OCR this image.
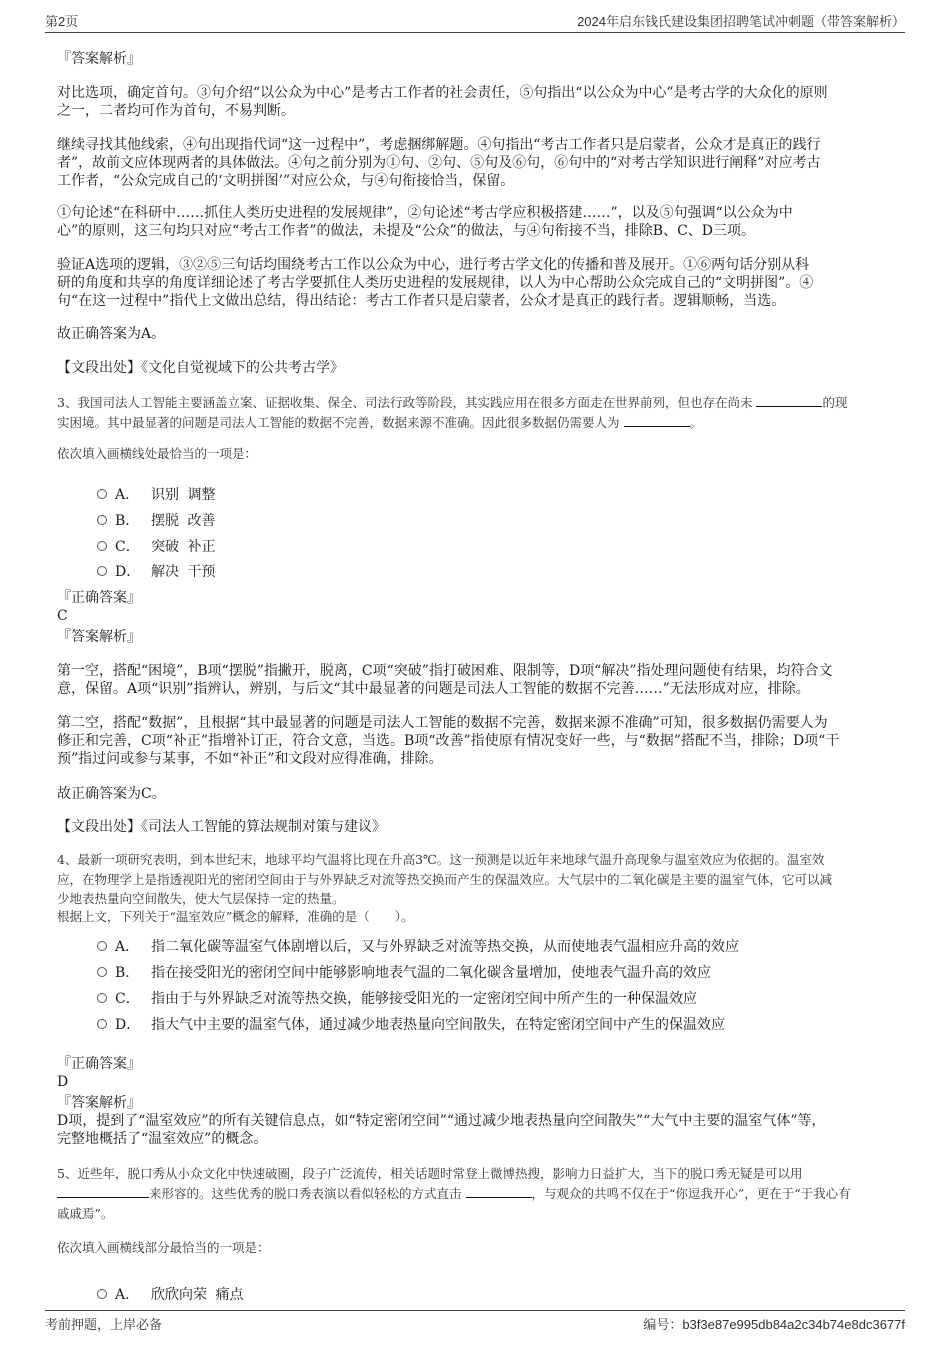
第2页	2024年启东钱氏建设集团招聘笔试冲刺题（带答案解析）
『答案解析』
对比选项，确定首句。③句介绍“以公众为中心”是考古工作者的社会责任，⑤句指出“以公众为中心”是考古学的大众化的原则
之一，二者均可作为首句，不易判断。
继续寻找其他线索，④句出现指代词“这一过程中”，考虑捆绑解题。④句指出“考古工作者只是启蒙者，公众才是真正的践行
者”，故前文应体现两者的具体做法。④句之前分别为①句、②句、⑤句及⑥句，⑥句中的“对考古学知识进行阐释”对应考古
工作者，“公众完成自己的‘文明拼图’”对应公众，与④句衔接恰当，保留。
①句论述“在科研中……抓住人类历史进程的发展规律”，②句论述“考古学应积极搭建……”，以及⑤句强调“以公众为中
心”的原则，这三句均只对应“考古工作者”的做法，未提及“公众”的做法，与④句衔接不当，排除B、C、D三项。
验证A选项的逻辑，③②⑤三句话均围绕考古工作以公众为中心，进行考古学文化的传播和普及展开。①⑥两句话分别从科
研的角度和共享的角度详细论述了考古学要抓住人类历史进程的发展规律，以人为中心帮助公众完成自己的“文明拼图”。④
句“在这一过程中”指代上文做出总结，得出结论：考古工作者只是启蒙者，公众才是真正的践行者。逻辑顺畅，当选。
故正确答案为A。
【文段出处】《文化自觉视域下的公共考古学》
3、我国司法人工智能主要涵盖立案、证据收集、保全、司法行政等阶段，其实践应用在很多方面走在世界前列，但也存在尚未	的现
实困境。其中最显著的问题是司法人工智能的数据不完善，数据来源不准确。因此很多数据仍需要人为	。
依次填入画横线处最恰当的一项是：
A． 识别 调整
B． 摆脱 改善
C． 突破 补正
D． 解决 干预
『正确答案』
C
『答案解析』
第一空，搭配“困境”，B项“摆脱”指撇开，脱离，C项“突破”指打破困难、限制等，D项“解决”指处理问题使有结果，均符合文
意，保留。A项“识别”指辨认，辨别，与后文“其中最显著的问题是司法人工智能的数据不完善……”无法形成对应，排除。
第二空，搭配“数据”，且根据“其中最显著的问题是司法人工智能的数据不完善，数据来源不准确”可知，很多数据仍需要人为
修正和完善，C项“补正”指增补订正，符合文意，当选。B项“改善”指使原有情况变好一些，与“数据”搭配不当，排除；D项“干
预”指过问或参与某事，不如“补正”和文段对应得准确，排除。
故正确答案为C。
【文段出处】《司法人工智能的算法规制对策与建议》
4、最新一项研究表明，到本世纪末，地球平均气温将比现在升高3℃。这一预测是以近年来地球气温升高现象与温室效应为依据的。温室效
应，在物理学上是指透视阳光的密闭空间由于与外界缺乏对流等热交换而产生的保温效应。大气层中的二氧化碳是主要的温室气体，它可以减
少地表热量向空间散失，使大气层保持一定的热量。
根据上文，下列关于“温室效应”概念的解释，准确的是（　　）。
A． 指二氧化碳等温室气体剧增以后，又与外界缺乏对流等热交换，从而使地表气温相应升高的效应
B． 指在接受阳光的密闭空间中能够影响地表气温的二氧化碳含量增加，使地表气温升高的效应
C． 指由于与外界缺乏对流等热交换，能够接受阳光的一定密闭空间中所产生的一种保温效应
D． 指大气中主要的温室气体，通过减少地表热量向空间散失，在特定密闭空间中产生的保温效应
『正确答案』
D
『答案解析』
D项，提到了“温室效应”的所有关键信息点，如“特定密闭空间”“通过减少地表热量向空间散失”“大气中主要的温室气体”等，
完整地概括了“温室效应”的概念。
5、近些年，脱口秀从小众文化中快速破圈，段子广泛流传，相关话题时常登上微博热搜，影响力日益扩大，当下的脱口秀无疑是可以用
来形容的。这些优秀的脱口秀表演以看似轻松的方式直击	，与观众的共鸣不仅在于“你逗我开心”，更在于“于我心有
戚戚焉”。
依次填入画横线部分最恰当的一项是：
A． 欣欣向荣 痛点
考前押题，上岸必备	编号：b3f3e87e995db84a2c34b74e8dc3677f
